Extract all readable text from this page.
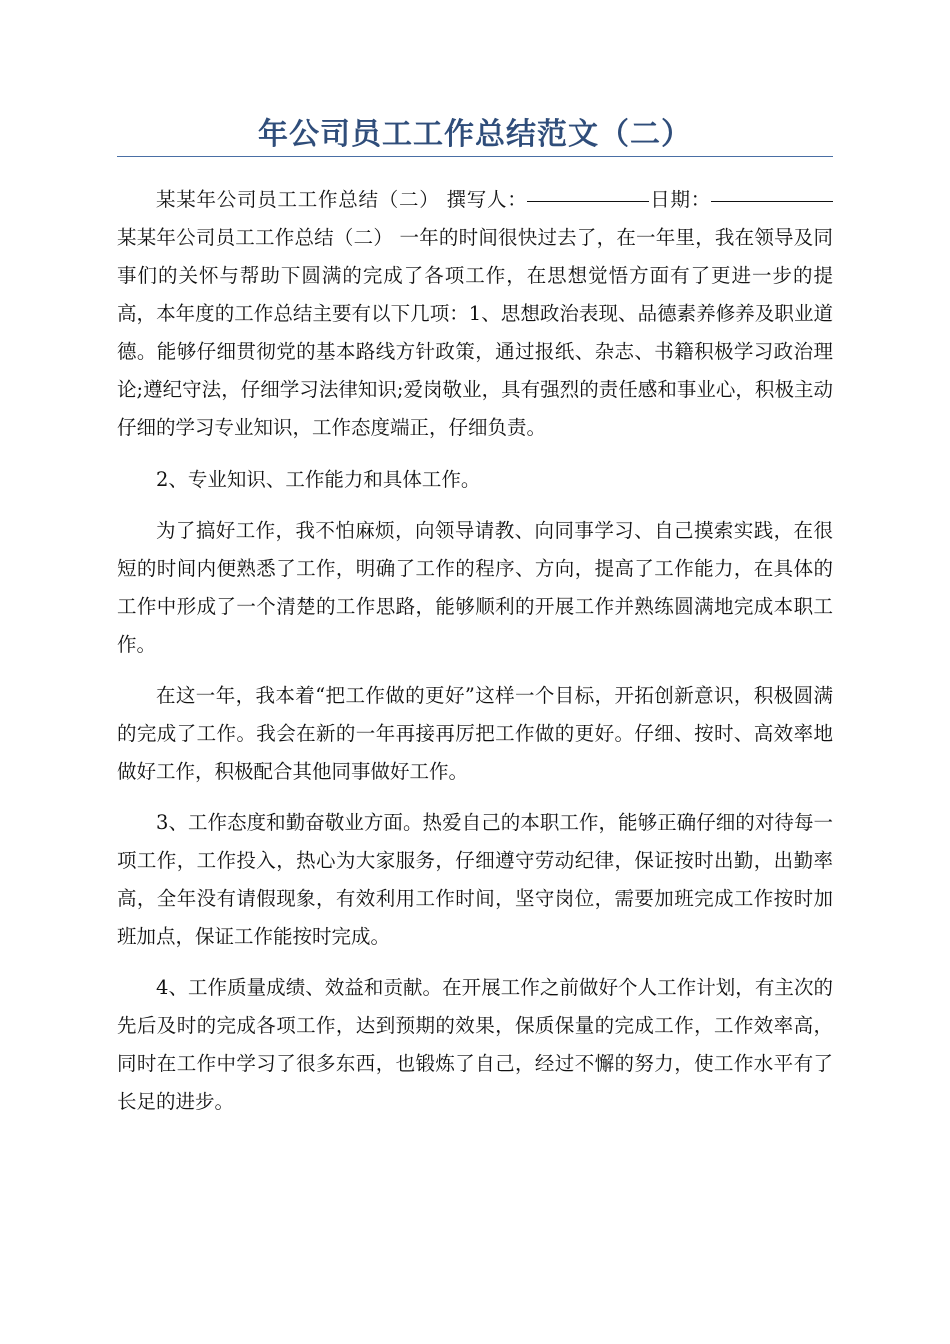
年公司员工工作总结范文（二）

某某年公司员工工作总结（二） 撰写人：	日期：某某年公司员工工作总结（二） 一年的时间很快过去了，在一年里，我在领导及同事们的关怀与帮助下圆满的完成了各项工作，在思想觉悟方面有了更进一步的提高，本年度的工作总结主要有以下几项：1、思想政治表现、品德素养修养及职业道德。能够仔细贯彻党的基本路线方针政策，通过报纸、杂志、书籍积极学习政治理论;遵纪守法，仔细学习法律知识;爱岗敬业，具有强烈的责任感和事业心，积极主动仔细的学习专业知识，工作态度端正，仔细负责。

2、专业知识、工作能力和具体工作。

为了搞好工作，我不怕麻烦，向领导请教、向同事学习、自己摸索实践，在很短的时间内便熟悉了工作，明确了工作的程序、方向，提高了工作能力，在具体的工作中形成了一个清楚的工作思路，能够顺利的开展工作并熟练圆满地完成本职工作。

在这一年，我本着“把工作做的更好”这样一个目标，开拓创新意识，积极圆满的完成了工作。我会在新的一年再接再厉把工作做的更好。仔细、按时、高效率地做好工作，积极配合其他同事做好工作。

3、工作态度和勤奋敬业方面。热爱自己的本职工作，能够正确仔细的对待每一项工作，工作投入，热心为大家服务，仔细遵守劳动纪律，保证按时出勤，出勤率高，全年没有请假现象，有效利用工作时间，坚守岗位，需要加班完成工作按时加班加点，保证工作能按时完成。

4、工作质量成绩、效益和贡献。在开展工作之前做好个人工作计划，有主次的先后及时的完成各项工作，达到预期的效果，保质保量的完成工作，工作效率高，同时在工作中学习了很多东西，也锻炼了自己，经过不懈的努力，使工作水平有了长足的进步。
